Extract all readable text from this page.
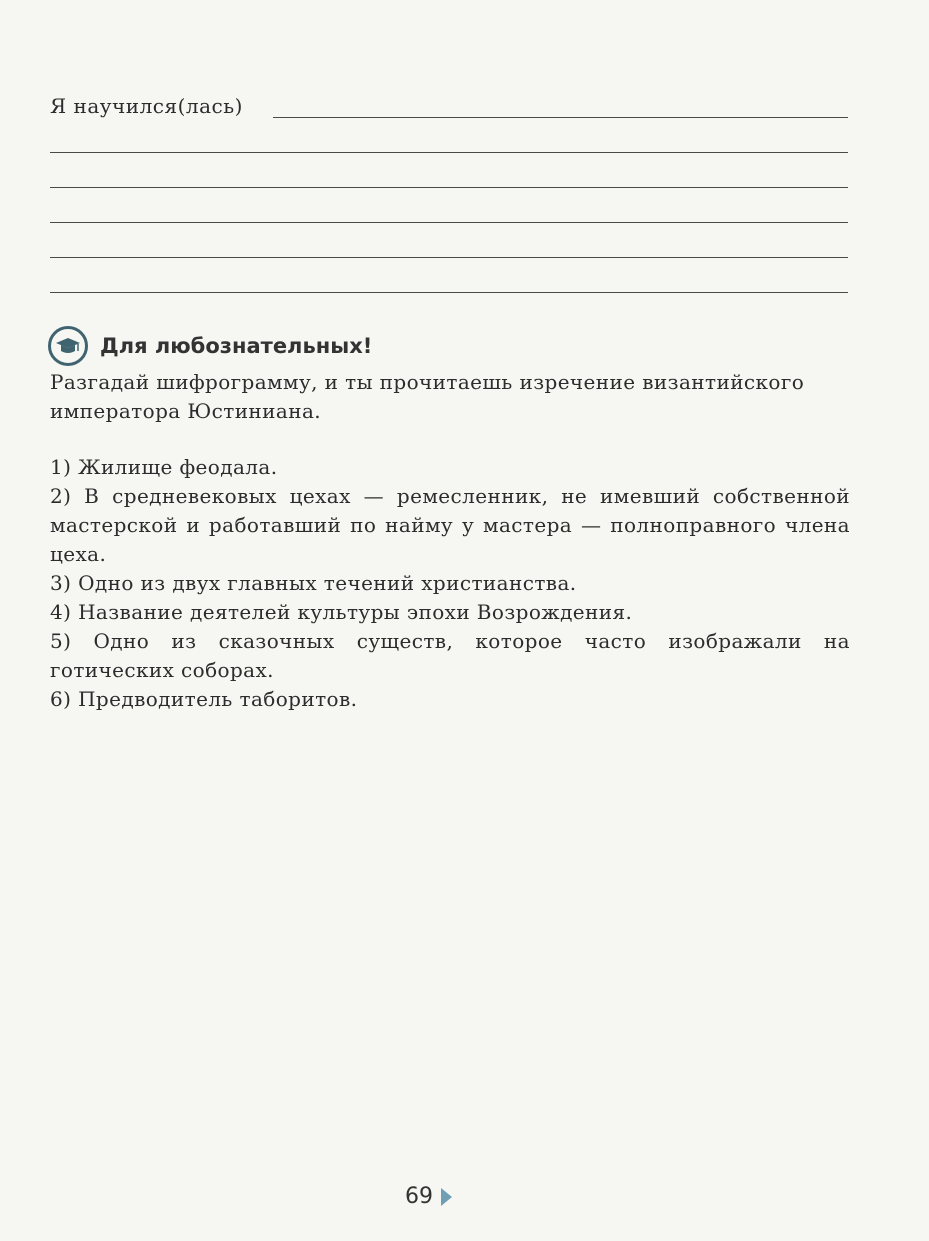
Я научился(лась)
Для любознательных!

Разгадай шифрограмму, и ты прочитаешь изречение византийского императора Юстиниана.

1) Жилище феодала.
2) В средневековых цехах — ремесленник, не имевший собственной мастерской и работавший по найму у мастера — полноправного члена цеха.
3) Одно из двух главных течений христианства.
4) Название деятелей культуры эпохи Возрождения.
5) Одно из сказочных существ, которое часто изображали на готических соборах.
6) Предводитель таборитов.
69
